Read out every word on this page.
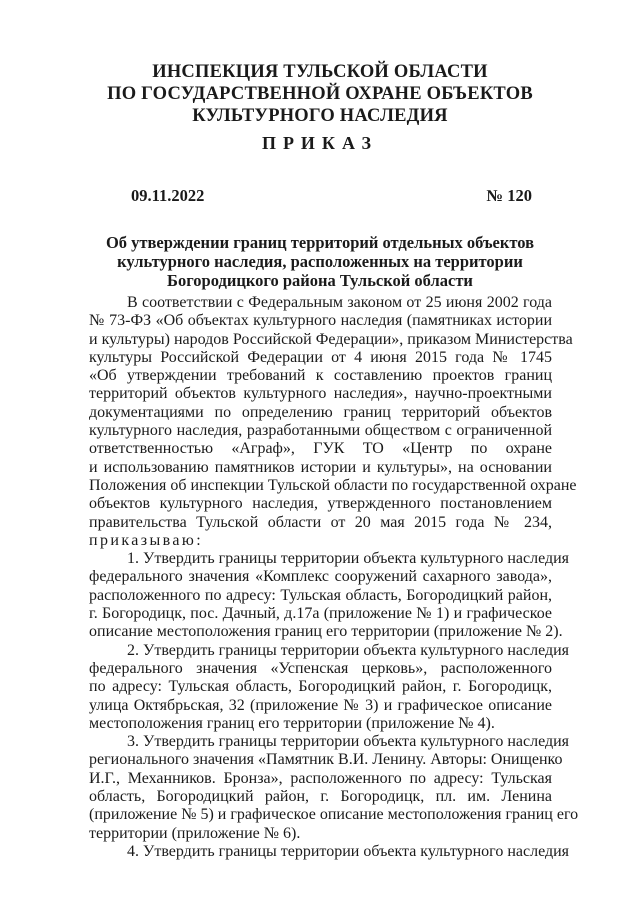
ИНСПЕКЦИЯ ТУЛЬСКОЙ ОБЛАСТИ
ПО ГОСУДАРСТВЕННОЙ ОХРАНЕ ОБЪЕКТОВ
КУЛЬТУРНОГО НАСЛЕДИЯ
ПРИКАЗ
09.11.2022	№ 120
Об утверждении границ территорий отдельных объектов
культурного наследия, расположенных на территории
Богородицкого района Тульской области
В соответствии с Федеральным законом от 25 июня 2002 года
№ 73-ФЗ «Об объектах культурного наследия (памятниках истории
и культуры) народов Российской Федерации», приказом Министерства
культуры Российской Федерации от 4 июня 2015 года № 1745
«Об утверждении требований к составлению проектов границ
территорий объектов культурного наследия», научно-проектными
документациями по определению границ территорий объектов
культурного наследия, разработанными обществом с ограниченной
ответственностью «Аграф», ГУК ТО «Центр по охране
и использованию памятников истории и культуры», на основании
Положения об инспекции Тульской области по государственной охране
объектов культурного наследия, утвержденного постановлением
правительства Тульской области от 20 мая 2015 года № 234,
приказываю:
1. Утвердить границы территории объекта культурного наследия
федерального значения «Комплекс сооружений сахарного завода»,
расположенного по адресу: Тульская область, Богородицкий район,
г. Богородицк, пос. Дачный, д.17а (приложение № 1) и графическое
описание местоположения границ его территории (приложение № 2).
2. Утвердить границы территории объекта культурного наследия
федерального значения «Успенская церковь», расположенного
по адресу: Тульская область, Богородицкий район, г. Богородицк,
улица Октябрьская, 32 (приложение № 3) и графическое описание
местоположения границ его территории (приложение № 4).
3. Утвердить границы территории объекта культурного наследия
регионального значения «Памятник В.И. Ленину. Авторы: Онищенко
И.Г., Механников. Бронза», расположенного по адресу: Тульская
область, Богородицкий район, г. Богородицк, пл. им. Ленина
(приложение № 5) и графическое описание местоположения границ его
территории (приложение № 6).
4. Утвердить границы территории объекта культурного наследия
